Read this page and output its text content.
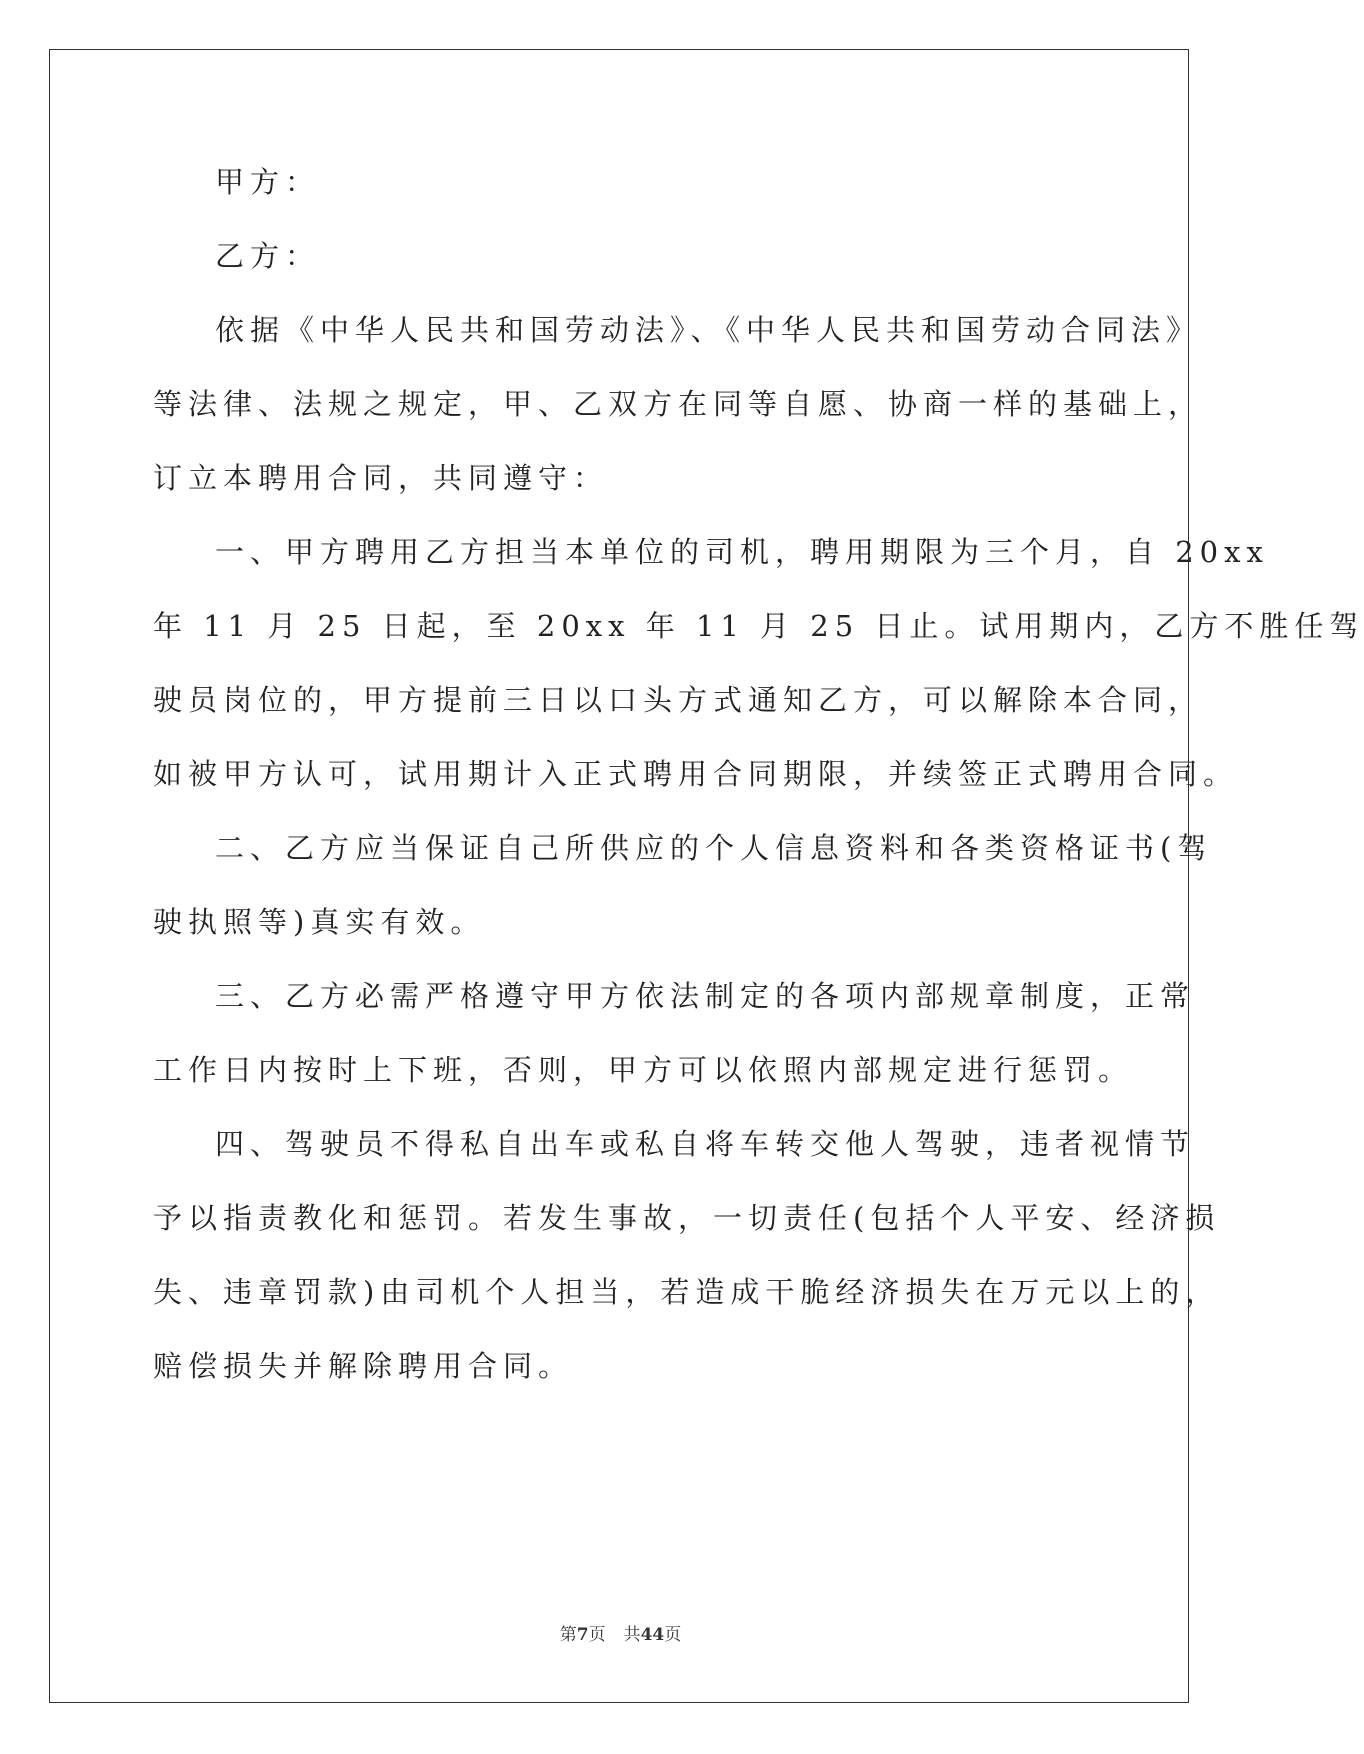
甲方：
乙方：
依据《中华人民共和国劳动法》、《中华人民共和国劳动合同法》
等法律、法规之规定，甲、乙双方在同等自愿、协商一样的基础上，
订立本聘用合同，共同遵守：
一、甲方聘用乙方担当本单位的司机，聘用期限为三个月，自 20xx
年 11 月 25 日起，至 20xx 年 11 月 25 日止。试用期内，乙方不胜任驾
驶员岗位的，甲方提前三日以口头方式通知乙方，可以解除本合同，
如被甲方认可，试用期计入正式聘用合同期限，并续签正式聘用合同。
二、乙方应当保证自己所供应的个人信息资料和各类资格证书(驾
驶执照等)真实有效。
三、乙方必需严格遵守甲方依法制定的各项内部规章制度，正常
工作日内按时上下班，否则，甲方可以依照内部规定进行惩罚。
四、驾驶员不得私自出车或私自将车转交他人驾驶，违者视情节
予以指责教化和惩罚。若发生事故，一切责任(包括个人平安、经济损
失、违章罚款)由司机个人担当，若造成干脆经济损失在万元以上的，
赔偿损失并解除聘用合同。
第7页 共44页
